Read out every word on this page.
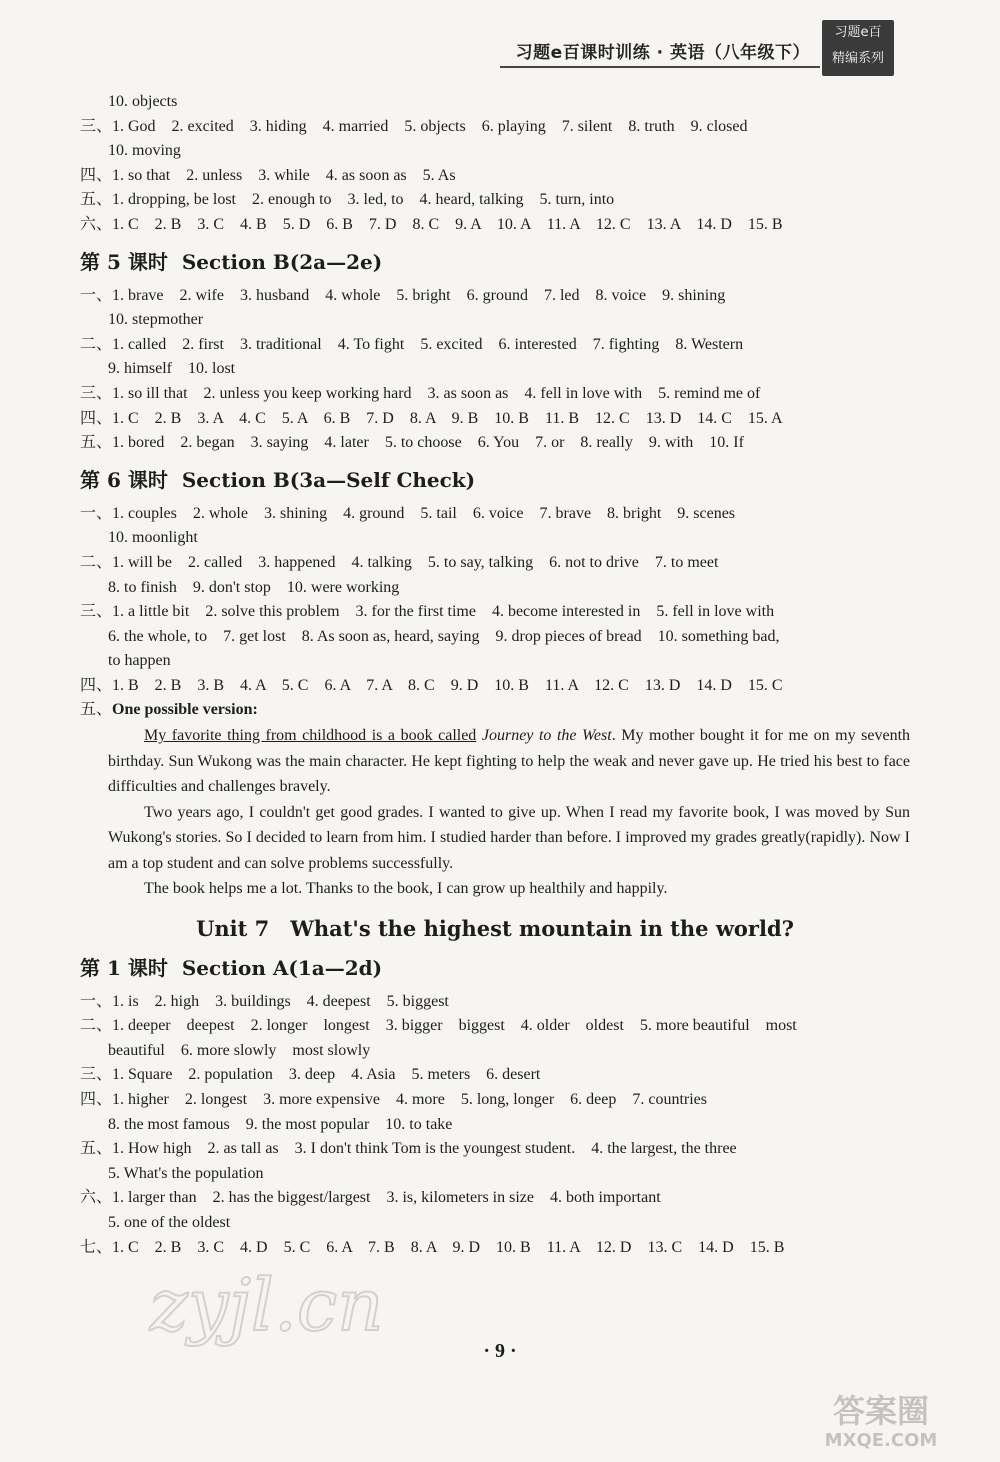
习题e百课时训练 · 英语（八年级下）
习题e百
精编系列
10. objects
三、1. God　2. excited　3. hiding　4. married　5. objects　6. playing　7. silent　8. truth　9. closed
10. moving
四、1. so that　2. unless　3. while　4. as soon as　5. As
五、1. dropping, be lost　2. enough to　3. led, to　4. heard, talking　5. turn, into
六、1. C　2. B　3. C　4. B　5. D　6. B　7. D　8. C　9. A　10. A　11. A　12. C　13. A　14. D　15. B
第 5 课时 Section B(2a—2e)
一、1. brave　2. wife　3. husband　4. whole　5. bright　6. ground　7. led　8. voice　9. shining
10. stepmother
二、1. called　2. first　3. traditional　4. To fight　5. excited　6. interested　7. fighting　8. Western
9. himself　10. lost
三、1. so ill that　2. unless you keep working hard　3. as soon as　4. fell in love with　5. remind me of
四、1. C　2. B　3. A　4. C　5. A　6. B　7. D　8. A　9. B　10. B　11. B　12. C　13. D　14. C　15. A
五、1. bored　2. began　3. saying　4. later　5. to choose　6. You　7. or　8. really　9. with　10. If
第 6 课时 Section B(3a—Self Check)
一、1. couples　2. whole　3. shining　4. ground　5. tail　6. voice　7. brave　8. bright　9. scenes
10. moonlight
二、1. will be　2. called　3. happened　4. talking　5. to say, talking　6. not to drive　7. to meet
8. to finish　9. don't stop　10. were working
三、1. a little bit　2. solve this problem　3. for the first time　4. become interested in　5. fell in love with
6. the whole, to　7. get lost　8. As soon as, heard, saying　9. drop pieces of bread　10. something bad,
to happen
四、1. B　2. B　3. B　4. A　5. C　6. A　7. A　8. C　9. D　10. B　11. A　12. C　13. D　14. D　15. C
五、One possible version:

My favorite thing from childhood is a book called Journey to the West. My mother bought it for me on my seventh birthday. Sun Wukong was the main character. He kept fighting to help the weak and never gave up. He tried his best to face difficulties and challenges bravely.

Two years ago, I couldn't get good grades. I wanted to give up. When I read my favorite book, I was moved by Sun Wukong's stories. So I decided to learn from him. I studied harder than before. I improved my grades greatly(rapidly). Now I am a top student and can solve problems successfully.

The book helps me a lot. Thanks to the book, I can grow up healthily and happily.

Unit 7　What's the highest mountain in the world?
第 1 课时 Section A(1a—2d)
一、1. is　2. high　3. buildings　4. deepest　5. biggest
二、1. deeper　deepest　2. longer　longest　3. bigger　biggest　4. older　oldest　5. more beautiful　most
beautiful　6. more slowly　most slowly
三、1. Square　2. population　3. deep　4. Asia　5. meters　6. desert
四、1. higher　2. longest　3. more expensive　4. more　5. long, longer　6. deep　7. countries
8. the most famous　9. the most popular　10. to take
五、1. How high　2. as tall as　3. I don't think Tom is the youngest student.　4. the largest, the three
5. What's the population
六、1. larger than　2. has the biggest/largest　3. is, kilometers in size　4. both important
5. one of the oldest
七、1. C　2. B　3. C　4. D　5. C　6. A　7. B　8. A　9. D　10. B　11. A　12. D　13. C　14. D　15. B
zyjl.cn
· 9 ·
答案圈
MXQE.COM
